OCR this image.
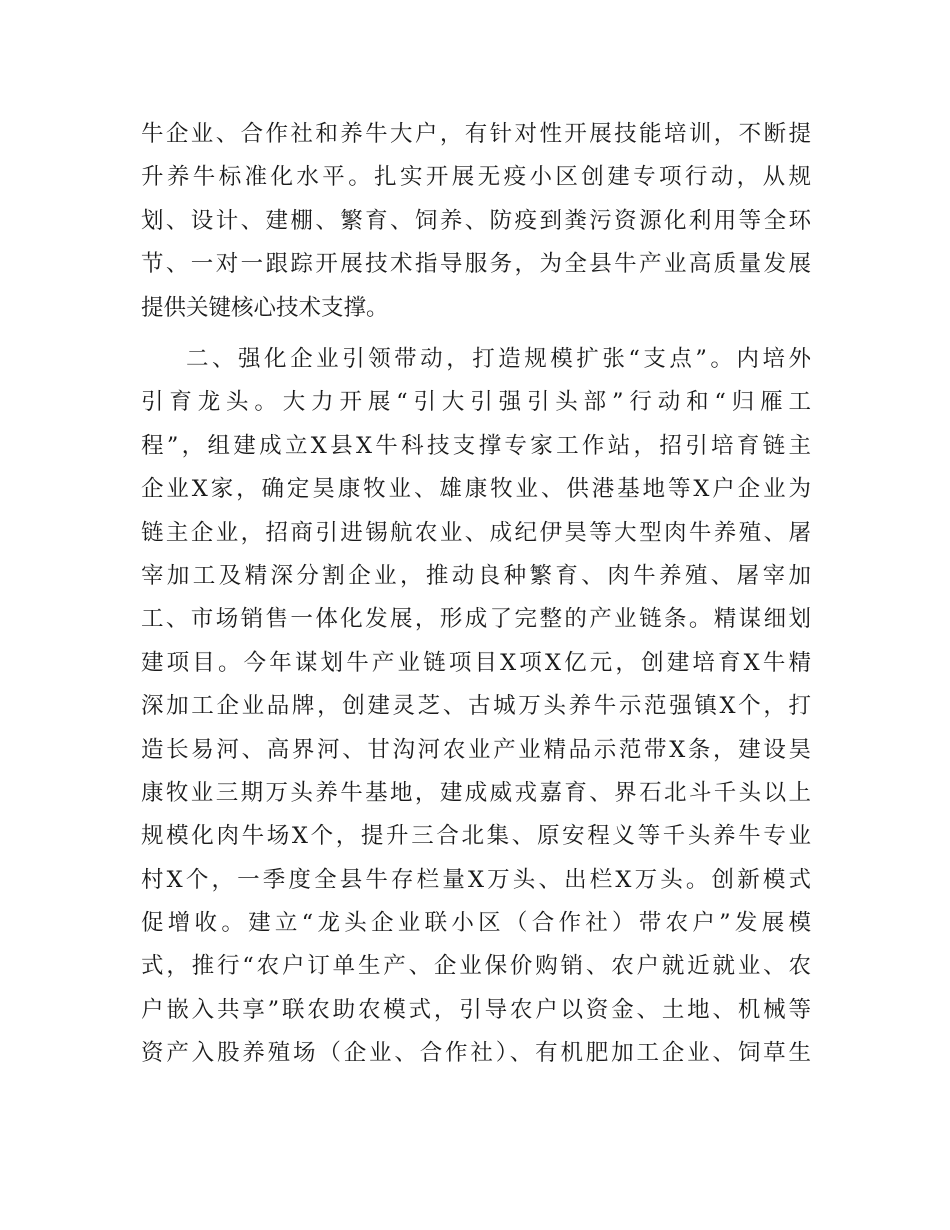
牛企业、合作社和养牛大户，有针对性开展技能培训，不断提
升养牛标准化水平。扎实开展无疫小区创建专项行动，从规
划、设计、建棚、繁育、饲养、防疫到粪污资源化利用等全环
节、一对一跟踪开展技术指导服务，为全县牛产业高质量发展
提供关键核心技术支撑。
二、强化企业引领带动，打造规模扩张“支点”。内培外
引育龙头。大力开展“引大引强引头部”行动和“归雁工
程”，组建成立X县X牛科技支撑专家工作站，招引培育链主
企业X家，确定昊康牧业、雄康牧业、供港基地等X户企业为
链主企业，招商引进锡航农业、成纪伊昊等大型肉牛养殖、屠
宰加工及精深分割企业，推动良种繁育、肉牛养殖、屠宰加
工、市场销售一体化发展，形成了完整的产业链条。精谋细划
建项目。今年谋划牛产业链项目X项X亿元，创建培育X牛精
深加工企业品牌，创建灵芝、古城万头养牛示范强镇X个，打
造长易河、高界河、甘沟河农业产业精品示范带X条，建设昊
康牧业三期万头养牛基地，建成威戎嘉育、界石北斗千头以上
规模化肉牛场X个，提升三合北集、原安程义等千头养牛专业
村X个，一季度全县牛存栏量X万头、出栏X万头。创新模式
促增收。建立“龙头企业联小区（合作社）带农户”发展模
式，推行“农户订单生产、企业保价购销、农户就近就业、农
户嵌入共享”联农助农模式，引导农户以资金、土地、机械等
资产入股养殖场（企业、合作社）、有机肥加工企业、饲草生
